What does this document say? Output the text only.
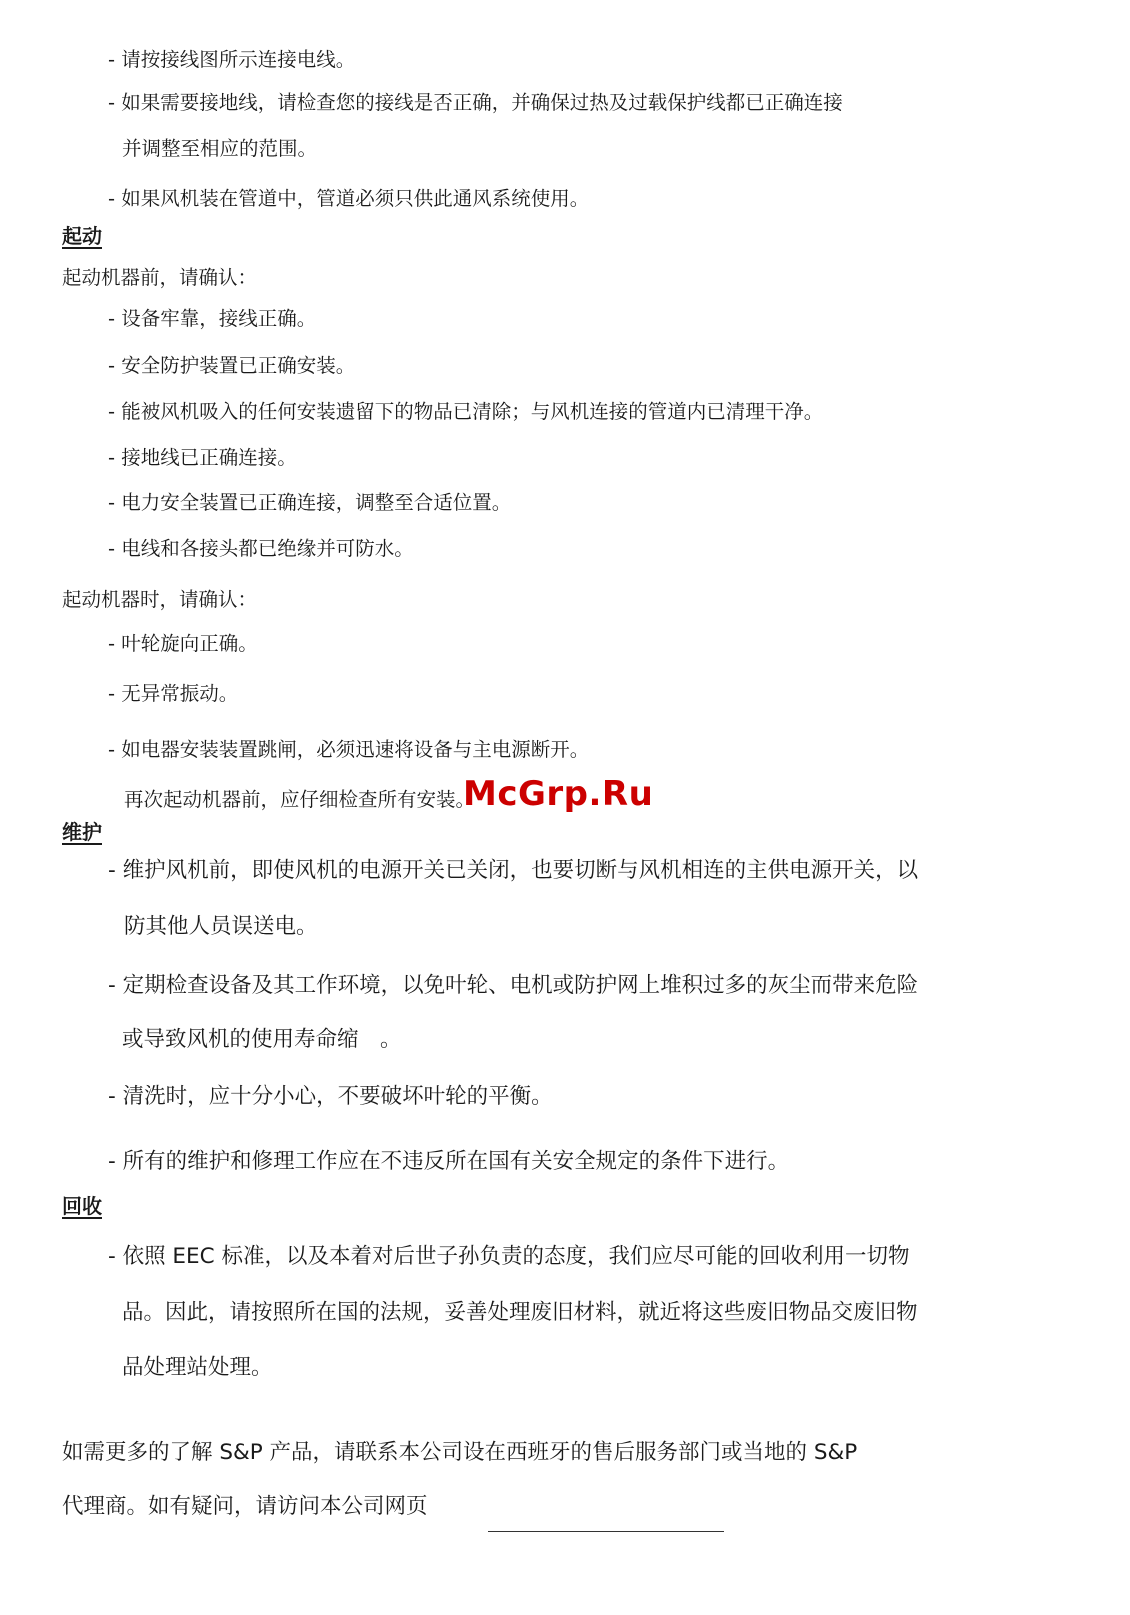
- 请按接线图所示连接电线。
- 如果需要接地线，请检查您的接线是否正确，并确保过热及过载保护线都已正确连接
并调整至相应的范围。
- 如果风机装在管道中，管道必须只供此通风系统使用。
起动
起动机器前，请确认：
- 设备牢靠，接线正确。
- 安全防护装置已正确安装。
- 能被风机吸入的任何安装遗留下的物品已清除；与风机连接的管道内已清理干净。
- 接地线已正确连接。
- 电力安全装置已正确连接，调整至合适位置。
- 电线和各接头都已绝缘并可防水。
起动机器时，请确认：
- 叶轮旋向正确。
- 无异常振动。
- 如电器安装装置跳闸，必须迅速将设备与主电源断开。
再次起动机器前，应仔细检查所有安装。
McGrp.Ru
维护
- 维护风机前，即使风机的电源开关已关闭，也要切断与风机相连的主供电源开关，以
防其他人员误送电。
- 定期检查设备及其工作环境，以免叶轮、电机或防护网上堆积过多的灰尘而带来危险
或导致风机的使用寿命缩　。
- 清洗时，应十分小心，不要破坏叶轮的平衡。
- 所有的维护和修理工作应在不违反所在国有关安全规定的条件下进行。
回收
- 依照 EEC 标准，以及本着对后世子孙负责的态度，我们应尽可能的回收利用一切物
品。因此，请按照所在国的法规，妥善处理废旧材料，就近将这些废旧物品交废旧物
品处理站处理。
如需更多的了解 S&P 产品，请联系本公司设在西班牙的售后服务部门或当地的 S&P
代理商。如有疑问，请访问本公司网页
